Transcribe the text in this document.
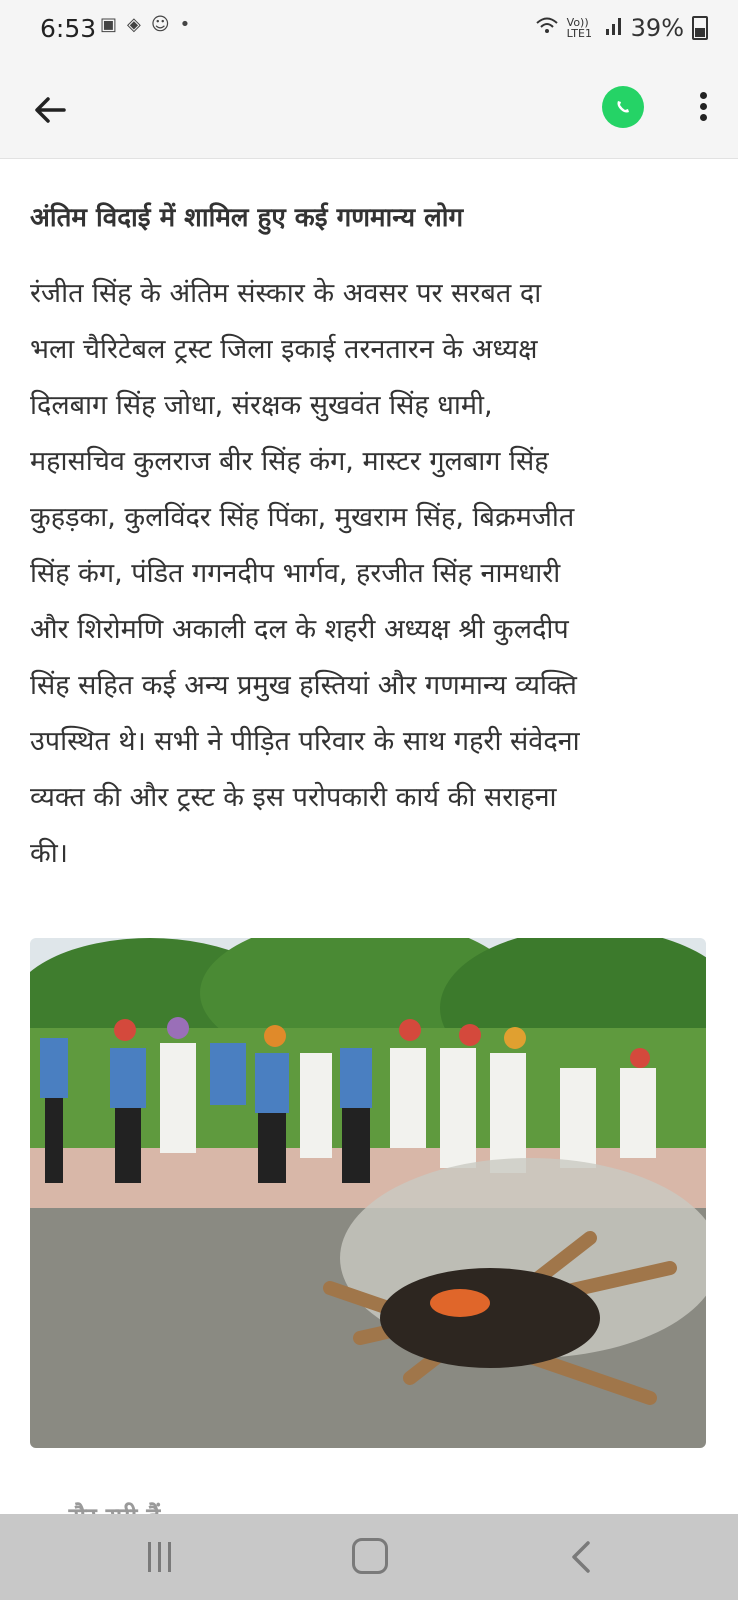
6:53 ▣ ◈ ☺ •	Vo)) LTE1 39%
अंतिम विदाई में शामिल हुए कई गणमान्य लोग

रंजीत सिंह के अंतिम संस्कार के अवसर पर सरबत दा
भला चैरिटेबल ट्रस्ट जिला इकाई तरनतारन के अध्यक्ष
दिलबाग सिंह जोधा, संरक्षक सुखवंत सिंह धामी,
महासचिव कुलराज बीर सिंह कंग, मास्टर गुलबाग सिंह
कुहड़का, कुलविंदर सिंह पिंका, मुखराम सिंह, बिक्रमजीत
सिंह कंग, पंडित गगनदीप भार्गव, हरजीत सिंह नामधारी
और शिरोमणि अकाली दल के शहरी अध्यक्ष श्री कुलदीप
सिंह सहित कई अन्य प्रमुख हस्तियां और गणमान्य व्यक्ति
उपस्थित थे। सभी ने पीड़ित परिवार के साथ गहरी संवेदना
व्यक्त की और ट्रस्ट के इस परोपकारी कार्य की सराहना
की।
